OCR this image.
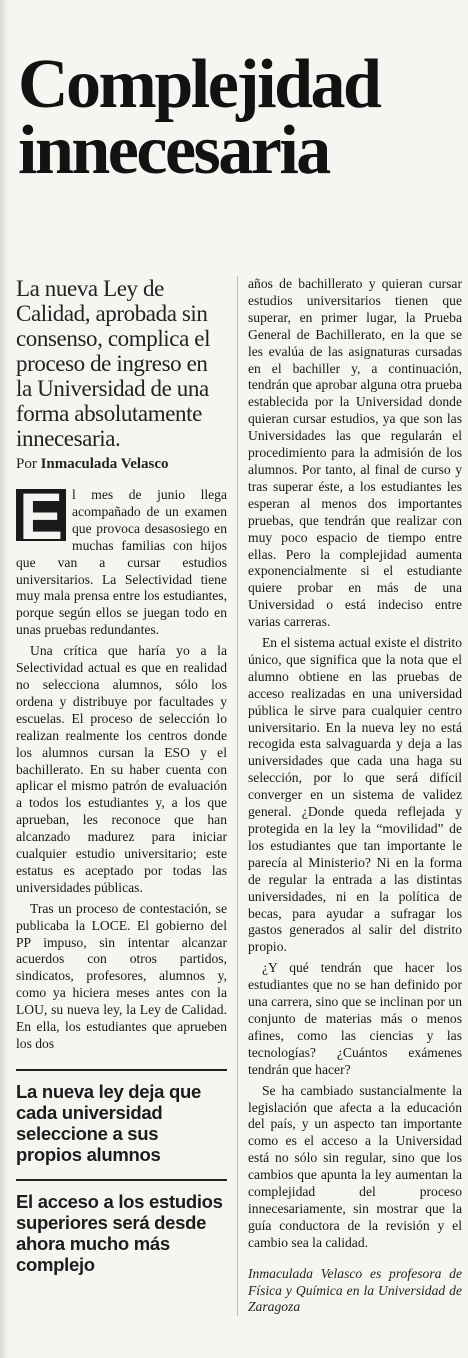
Complejidad
innecesaria

La nueva Ley de Calidad, aprobada sin consenso, complica el proceso de ingreso en la Universidad de una forma absolutamente innecesaria.

Por Inmaculada Velasco

E l mes de junio llega acompañado de un examen que provoca desasosiego en muchas familias con hijos que van a cursar estudios universitarios. La Selectividad tiene muy mala prensa entre los estudiantes, porque según ellos se juegan todo en unas pruebas redundantes.

Una crítica que haría yo a la Selectividad actual es que en realidad no selecciona alumnos, sólo los ordena y distribuye por facultades y escuelas. El proceso de selección lo realizan realmente los centros donde los alumnos cursan la ESO y el bachillerato. En su haber cuenta con aplicar el mismo patrón de evaluación a todos los estudiantes y, a los que aprueban, les reconoce que han alcanzado madurez para iniciar cualquier estudio universitario; este estatus es aceptado por todas las universidades públicas.

Tras un proceso de contestación, se publicaba la LOCE. El gobierno del PP impuso, sin intentar alcanzar acuerdos con otros partidos, sindicatos, profesores, alumnos y, como ya hiciera meses antes con la LOU, su nueva ley, la Ley de Calidad. En ella, los estudiantes que aprueben los dos

La nueva ley deja que cada universidad seleccione a sus propios alumnos
El acceso a los estudios superiores será desde ahora mucho más complejo

años de bachillerato y quieran cursar estudios universitarios tienen que superar, en primer lugar, la Prueba General de Bachillerato, en la que se les evalúa de las asignaturas cursadas en el bachiller y, a continuación, tendrán que aprobar alguna otra prueba establecida por la Universidad donde quieran cursar estudios, ya que son las Universidades las que regularán el procedimiento para la admisión de los alumnos. Por tanto, al final de curso y tras superar éste, a los estudiantes les esperan al menos dos importantes pruebas, que tendrán que realizar con muy poco espacio de tiempo entre ellas. Pero la complejidad aumenta exponencialmente si el estudiante quiere probar en más de una Universidad o está indeciso entre varias carreras.

En el sistema actual existe el distrito único, que significa que la nota que el alumno obtiene en las pruebas de acceso realizadas en una universidad pública le sirve para cualquier centro universitario. En la nueva ley no está recogida esta salvaguarda y deja a las universidades que cada una haga su selección, por lo que será difícil converger en un sistema de validez general. ¿Donde queda reflejada y protegida en la ley la “movilidad” de los estudiantes que tan importante le parecía al Ministerio? Ni en la forma de regular la entrada a las distintas universidades, ni en la política de becas, para ayudar a sufragar los gastos generados al salir del distrito propio.

¿Y qué tendrán que hacer los estudiantes que no se han definido por una carrera, sino que se inclinan por un conjunto de materias más o menos afines, como las ciencias y las tecnologías? ¿Cuántos exámenes tendrán que hacer?

Se ha cambiado sustancialmente la legislación que afecta a la educación del país, y un aspecto tan importante como es el acceso a la Universidad está no sólo sin regular, sino que los cambios que apunta la ley aumentan la complejidad del proceso innecesariamente, sin mostrar que la guía conductora de la revisión y el cambio sea la calidad.

Inmaculada Velasco es profesora de Física y Química en la Universidad de Zaragoza
